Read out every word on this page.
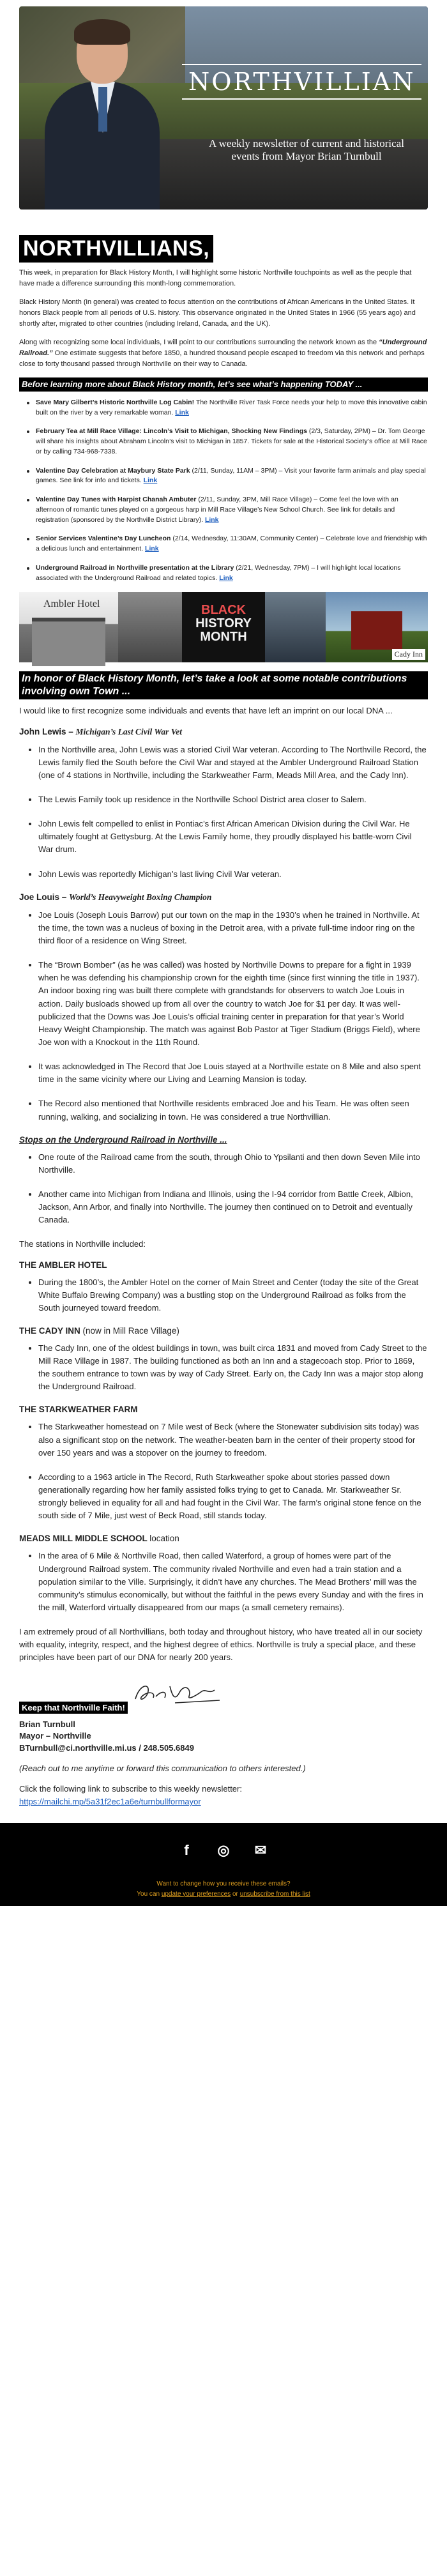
NORTHVILLIAN
A weekly newsletter of current and historical events from Mayor Brian Turnbull
NORTHVILLIANS,

This week, in preparation for Black History Month, I will highlight some historic Northville touchpoints as well as the people that have made a difference surrounding this month-long commemoration.

Black History Month (in general) was created to focus attention on the contributions of African Americans in the United States. It honors Black people from all periods of U.S. history. This observance originated in the United States in 1966 (55 years ago) and shortly after, migrated to other countries (including Ireland, Canada, and the UK).

Along with recognizing some local individuals, I will point to our contributions surrounding the network known as the “Underground Railroad.” One estimate suggests that before 1850, a hundred thousand people escaped to freedom via this network and perhaps close to forty thousand passed through Northville on their way to Canada.

Before learning more about Black History month, let’s see what’s happening TODAY ...
Save Mary Gilbert’s Historic Northville Log Cabin! The Northville River Task Force needs your help to move this innovative cabin built on the river by a very remarkable woman. Link
February Tea at Mill Race Village: Lincoln’s Visit to Michigan, Shocking New Findings (2/3, Saturday, 2PM) – Dr. Tom George will share his insights about Abraham Lincoln’s visit to Michigan in 1857. Tickets for sale at the Historical Society’s office at Mill Race or by calling 734-968-7338.
Valentine Day Celebration at Maybury State Park (2/11, Sunday, 11AM – 3PM) – Visit your favorite farm animals and play special games. See link for info and tickets. Link
Valentine Day Tunes with Harpist Chanah Ambuter (2/11, Sunday, 3PM, Mill Race Village) – Come feel the love with an afternoon of romantic tunes played on a gorgeous harp in Mill Race Village’s New School Church. See link for details and registration (sponsored by the Northville District Library). Link
Senior Services Valentine’s Day Luncheon (2/14, Wednesday, 11:30AM, Community Center) – Celebrate love and friendship with a delicious lunch and entertainment. Link
Underground Railroad in Northville presentation at the Library (2/21, Wednesday, 7PM) – I will highlight local locations associated with the Underground Railroad and related topics. Link
Ambler Hotel	BLACK
HISTORY
MONTH
Cady Inn
In honor of Black History Month, let’s take a look at some notable contributions involving own Town ...

I would like to first recognize some individuals and events that have left an imprint on our local DNA ...

John Lewis – Michigan’s Last Civil War Vet
• In the Northville area, John Lewis was a storied Civil War veteran. According to The Northville Record, the Lewis family fled the South before the Civil War and stayed at the Ambler Underground Railroad Station (one of 4 stations in Northville, including the Starkweather Farm, Meads Mill Area, and the Cady Inn).
• The Lewis Family took up residence in the Northville School District area closer to Salem.
• John Lewis felt compelled to enlist in Pontiac’s first African American Division during the Civil War. He ultimately fought at Gettysburg. At the Lewis Family home, they proudly displayed his battle-worn Civil War drum.
• John Lewis was reportedly Michigan’s last living Civil War veteran.
Joe Louis – World’s Heavyweight Boxing Champion
• Joe Louis (Joseph Louis Barrow) put our town on the map in the 1930’s when he trained in Northville. At the time, the town was a nucleus of boxing in the Detroit area, with a private full-time indoor ring on the third floor of a residence on Wing Street.
• The “Brown Bomber” (as he was called) was hosted by Northville Downs to prepare for a fight in 1939 when he was defending his championship crown for the eighth time (since first winning the title in 1937). An indoor boxing ring was built there complete with grandstands for observers to watch Joe Louis in action. Daily busloads showed up from all over the country to watch Joe for $1 per day. It was well-publicized that the Downs was Joe Louis’s official training center in preparation for that year’s World Heavy Weight Championship. The match was against Bob Pastor at Tiger Stadium (Briggs Field), where Joe won with a Knockout in the 11th Round.
• It was acknowledged in The Record that Joe Louis stayed at a Northville estate on 8 Mile and also spent time in the same vicinity where our Living and Learning Mansion is today.
• The Record also mentioned that Northville residents embraced Joe and his Team. He was often seen running, walking, and socializing in town. He was considered a true Northvillian.
Stops on the Underground Railroad in Northville ...
• One route of the Railroad came from the south, through Ohio to Ypsilanti and then down Seven Mile into Northville.
• Another came into Michigan from Indiana and Illinois, using the I-94 corridor from Battle Creek, Albion, Jackson, Ann Arbor, and finally into Northville. The journey then continued on to Detroit and eventually Canada.

The stations in Northville included:

THE AMBLER HOTEL
• During the 1800’s, the Ambler Hotel on the corner of Main Street and Center (today the site of the Great White Buffalo Brewing Company) was a bustling stop on the Underground Railroad as folks from the South journeyed toward freedom.
THE CADY INN (now in Mill Race Village)
• The Cady Inn, one of the oldest buildings in town, was built circa 1831 and moved from Cady Street to the Mill Race Village in 1987. The building functioned as both an Inn and a stagecoach stop. Prior to 1869, the southern entrance to town was by way of Cady Street. Early on, the Cady Inn was a major stop along the Underground Railroad.
THE STARKWEATHER FARM
• The Starkweather homestead on 7 Mile west of Beck (where the Stonewater subdivision sits today) was also a significant stop on the network. The weather-beaten barn in the center of their property stood for over 150 years and was a stopover on the journey to freedom.
• According to a 1963 article in The Record, Ruth Starkweather spoke about stories passed down generationally regarding how her family assisted folks trying to get to Canada. Mr. Starkweather Sr. strongly believed in equality for all and had fought in the Civil War. The farm’s original stone fence on the south side of 7 Mile, just west of Beck Road, still stands today.
MEADS MILL MIDDLE SCHOOL location
• In the area of 6 Mile & Northville Road, then called Waterford, a group of homes were part of the Underground Railroad system. The community rivaled Northville and even had a train station and a population similar to the Ville. Surprisingly, it didn’t have any churches. The Mead Brothers’ mill was the community’s stimulus economically, but without the faithful in the pews every Sunday and with the fires in the mill, Waterford virtually disappeared from our maps (a small cemetery remains).

I am extremely proud of all Northvillians, both today and throughout history, who have treated all in our society with equality, integrity, respect, and the highest degree of ethics. Northville is truly a special place, and these principles have been part of our DNA for nearly 200 years.

Keep that Northville Faith!

Brian Turnbull

Mayor – Northville

BTurnbull@ci.northville.mi.us / 248.505.6849

(Reach out to me anytime or forward this communication to others interested.)

Click the following link to subscribe to this weekly newsletter:

https://mailchi.mp/5a31f2ec1a6e/turnbullformayor

f	◎ ✉
Want to change how you receive these emails?
You can update your preferences or unsubscribe from this list
